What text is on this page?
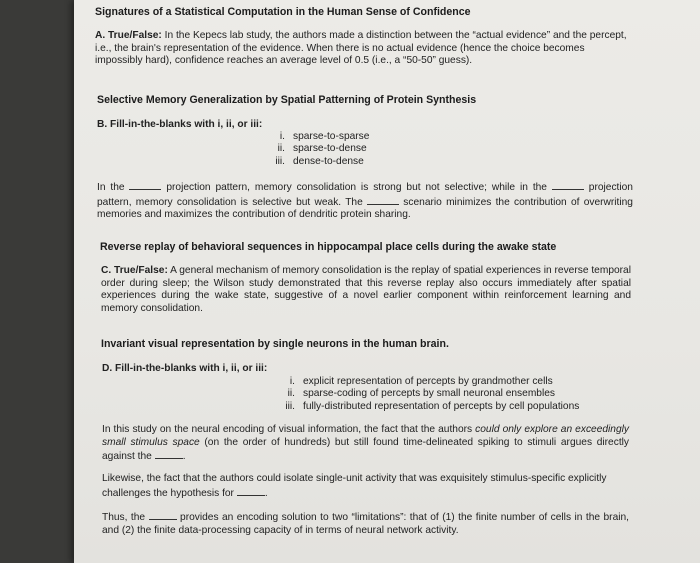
Signatures of a Statistical Computation in the Human Sense of Confidence
A. True/False: In the Kepecs lab study, the authors made a distinction between the “actual evidence” and the percept, i.e., the brain's representation of the evidence. When there is no actual evidence (hence the choice becomes impossibly hard), confidence reaches an average level of 0.5 (i.e., a “50-50” guess).
Selective Memory Generalization by Spatial Patterning of Protein Synthesis
B. Fill-in-the-blanks with i, ii, or iii:
i. sparse-to-sparse
ii. sparse-to-dense
iii. dense-to-dense
In the	projection pattern, memory consolidation is strong but not selective; while in the	projection pattern, memory consolidation is selective but weak. The	scenario minimizes the contribution of overwriting memories and maximizes the contribution of dendritic protein sharing.
Reverse replay of behavioral sequences in hippocampal place cells during the awake state
C. True/False: A general mechanism of memory consolidation is the replay of spatial experiences in reverse temporal order during sleep; the Wilson study demonstrated that this reverse replay also occurs immediately after spatial experiences during the wake state, suggestive of a novel earlier component within reinforcement learning and memory consolidation.
Invariant visual representation by single neurons in the human brain.
D. Fill-in-the-blanks with i, ii, or iii:
i. explicit representation of percepts by grandmother cells
ii. sparse-coding of percepts by small neuronal ensembles
iii. fully-distributed representation of percepts by cell populations
In this study on the neural encoding of visual information, the fact that the authors could only explore an exceedingly small stimulus space (on the order of hundreds) but still found time-delineated spiking to stimuli argues directly against the	.
Likewise, the fact that the authors could isolate single-unit activity that was exquisitely stimulus-specific explicitly challenges the hypothesis for	.
Thus, the	provides an encoding solution to two “limitations”: that of (1) the finite number of cells in the brain, and (2) the finite data-processing capacity of in terms of neural network activity.
